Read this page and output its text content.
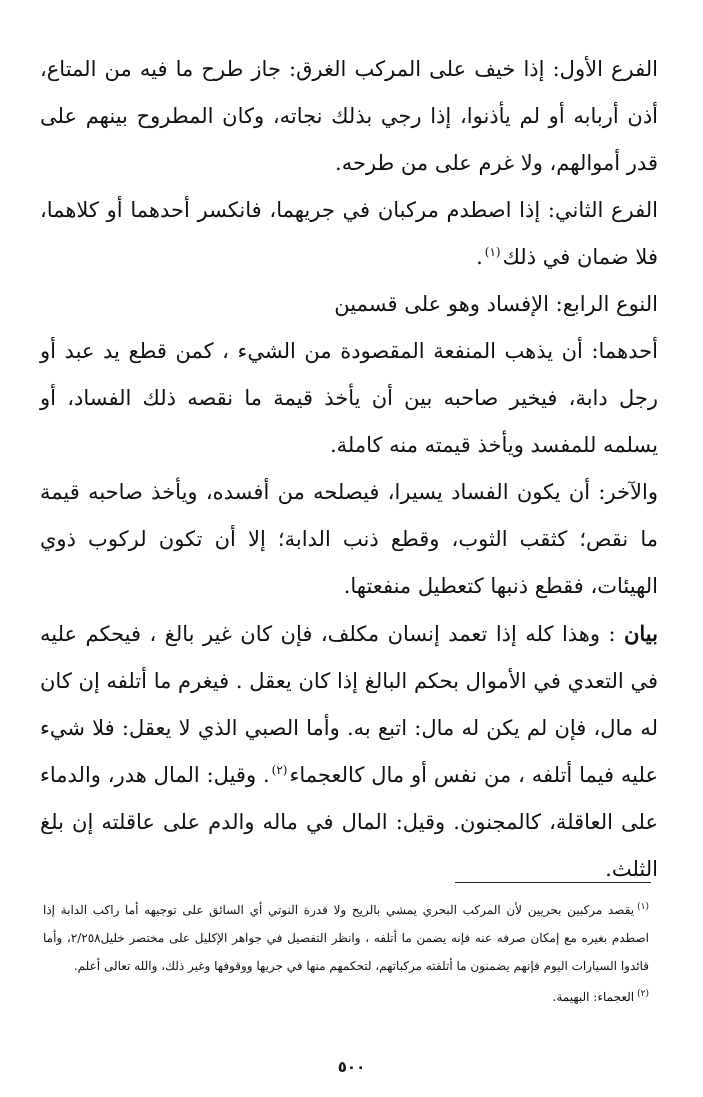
الفرع الأول: إذا خيف على المركب الغرق: جاز طرح ما فيه من المتاع، أذن أربابه أو لم يأذنوا، إذا رجي بذلك نجاته، وكان المطروح بينهم على قدر أموالهم، ولا غرم على من طرحه.

الفرع الثاني: إذا اصطدم مركبان في جريهما، فانكسر أحدهما أو كلاهما، فلا ضمان في ذلك$^{(١)}$.

النوع الرابع: الإفساد وهو على قسمين

أحدهما: أن يذهب المنفعة المقصودة من الشيء ، كمن قطع يد عبد أو رجل دابة، فيخير صاحبه بين أن يأخذ قيمة ما نقصه ذلك الفساد، أو يسلمه للمفسد ويأخذ قيمته منه كاملة.

والآخر: أن يكون الفساد يسيرا، فيصلحه من أفسده، ويأخذ صاحبه قيمة ما نقص؛ كثقب الثوب، وقطع ذنب الدابة؛ إلا أن تكون لركوب ذوي الهيئات، فقطع ذنبها كتعطيل منفعتها.

بيان : وهذا كله إذا تعمد إنسان مكلف، فإن كان غير بالغ ، فيحكم عليه في التعدي في الأموال بحكم البالغ إذا كان يعقل . فيغرم ما أتلفه إن كان له مال، فإن لم يكن له مال: اتبع به. وأما الصبي الذي لا يعقل: فلا شيء عليه فيما أتلفه ، من نفس أو مال كالعجماء$^{(٢)}$. وقيل: المال هدر، والدماء على العاقلة، كالمجنون. وقيل: المال في ماله والدم على عاقلته إن بلغ الثلث.

$^{(١)}$يقصد مركبين بحريين لأن المركب البحري يمشي بالريح ولا قدرة النوتي أي السائق على توجيهه أما راكب الدابة إذا اصطدم بغيره مع إمكان صرفه عنه فإنه يضمن ما أتلفه ، وانظر التفصيل في جواهر الإكليل على مختصر خليل٢/٢٥٨، وأما قائدوا السيارات اليوم فإنهم يضمنون ما أتلفته مركباتهم، لتحكمهم منها في جريها ووقوفها وغير ذلك، والله تعالى أعلم.

$^{(٢)}$العجماء: البهيمة.

٥٠٠
